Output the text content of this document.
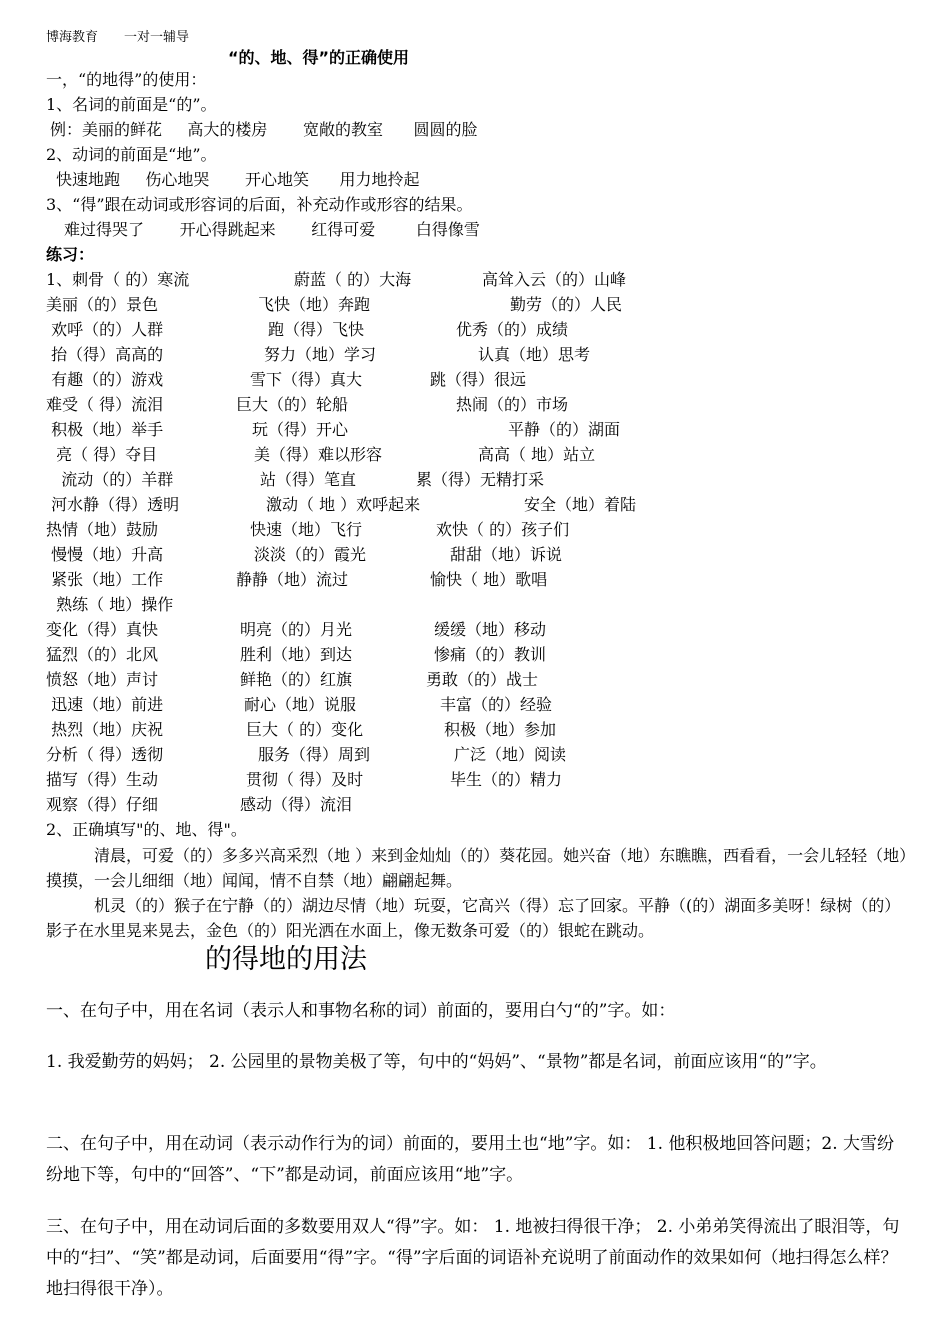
博海教育 一对一辅导
“的、地、得”的正确使用
一，“的地得”的使用：
1、名词的前面是“的”。
例：美丽的鲜花     高大的楼房       宽敞的教室      圆圆的脸
2、动词的前面是“地”。
快速地跑     伤心地哭       开心地笑      用力地拎起
3、“得”跟在动词或形容词的后面，补充动作或形容的结果。
难过得哭了       开心得跳起来       红得可爱        白得像雪
练习：
1、刺骨（ 的）寒流	蔚蓝（ 的）大海	高耸入云（的）山峰
美丽（的）景色	飞快（地）奔跑	勤劳（的）人民
欢呼（的）人群	跑（得）飞快	优秀（的）成绩
抬（得）高高的	努力（地）学习	认真（地）思考
有趣（的）游戏	雪下（得）真大	跳（得）很远
难受（ 得）流泪	巨大（的）轮船	热闹（的）市场
积极（地）举手	玩（得）开心	平静（的）湖面
亮（ 得）夺目	美（得）难以形容	高高（ 地）站立
流动（的）羊群	站（得）笔直	累（得）无精打采
河水静（得）透明	激动（ 地 ）欢呼起来	安全（地）着陆
热情（地）鼓励	快速（地）飞行	欢快（ 的）孩子们
慢慢（地）升高	淡淡（的）霞光	甜甜（地）诉说
紧张（地）工作	静静（地）流过	愉快（ 地）歌唱
熟练（ 地）操作
变化（得）真快	明亮（的）月光	缓缓（地）移动
猛烈（的）北风	胜利（地）到达	惨痛（的）教训
愤怒（地）声讨	鲜艳（的）红旗	勇敢（的）战士
迅速（地）前进	耐心（地）说服	丰富（的）经验
热烈（地）庆祝	巨大（ 的）变化	积极（地）参加
分析（ 得）透彻	服务（得）周到	广泛（地）阅读
描写（得）生动	贯彻（ 得）及时	毕生（的）精力
观察（得）仔细	感动（得）流泪
2、正确填写"的、地、得"。
清晨，可爱（的）多多兴高采烈（地 ）来到金灿灿（的）葵花园。她兴奋（地）东瞧瞧，西看看，一会儿轻轻（地）摸摸，一会儿细细（地）闻闻，情不自禁（地）翩翩起舞。
机灵（的）猴子在宁静（的）湖边尽情（地）玩耍，它高兴（得）忘了回家。平静（(的）湖面多美呀！绿树（的）影子在水里晃来晃去，金色（的）阳光洒在水面上，像无数条可爱（的）银蛇在跳动。
的得地的用法
一、在句子中，用在名词（表示人和事物名称的词）前面的，要用白勺“的”字。如：
1. 我爱勤劳的妈妈； 2. 公园里的景物美极了等，句中的“妈妈”、“景物”都是名词，前面应该用“的”字。
二、在句子中，用在动词（表示动作行为的词）前面的，要用土也“地”字。如： 1. 他积极地回答问题；2. 大雪纷纷地下等，句中的“回答”、“下”都是动词，前面应该用“地”字。
三、在句子中，用在动词后面的多数要用双人“得”字。如： 1. 地被扫得很干净； 2. 小弟弟笑得流出了眼泪等，句中的“扫”、“笑”都是动词，后面要用“得”字。“得”字后面的词语补充说明了前面动作的效果如何（地扫得怎么样？地扫得很干净）。
